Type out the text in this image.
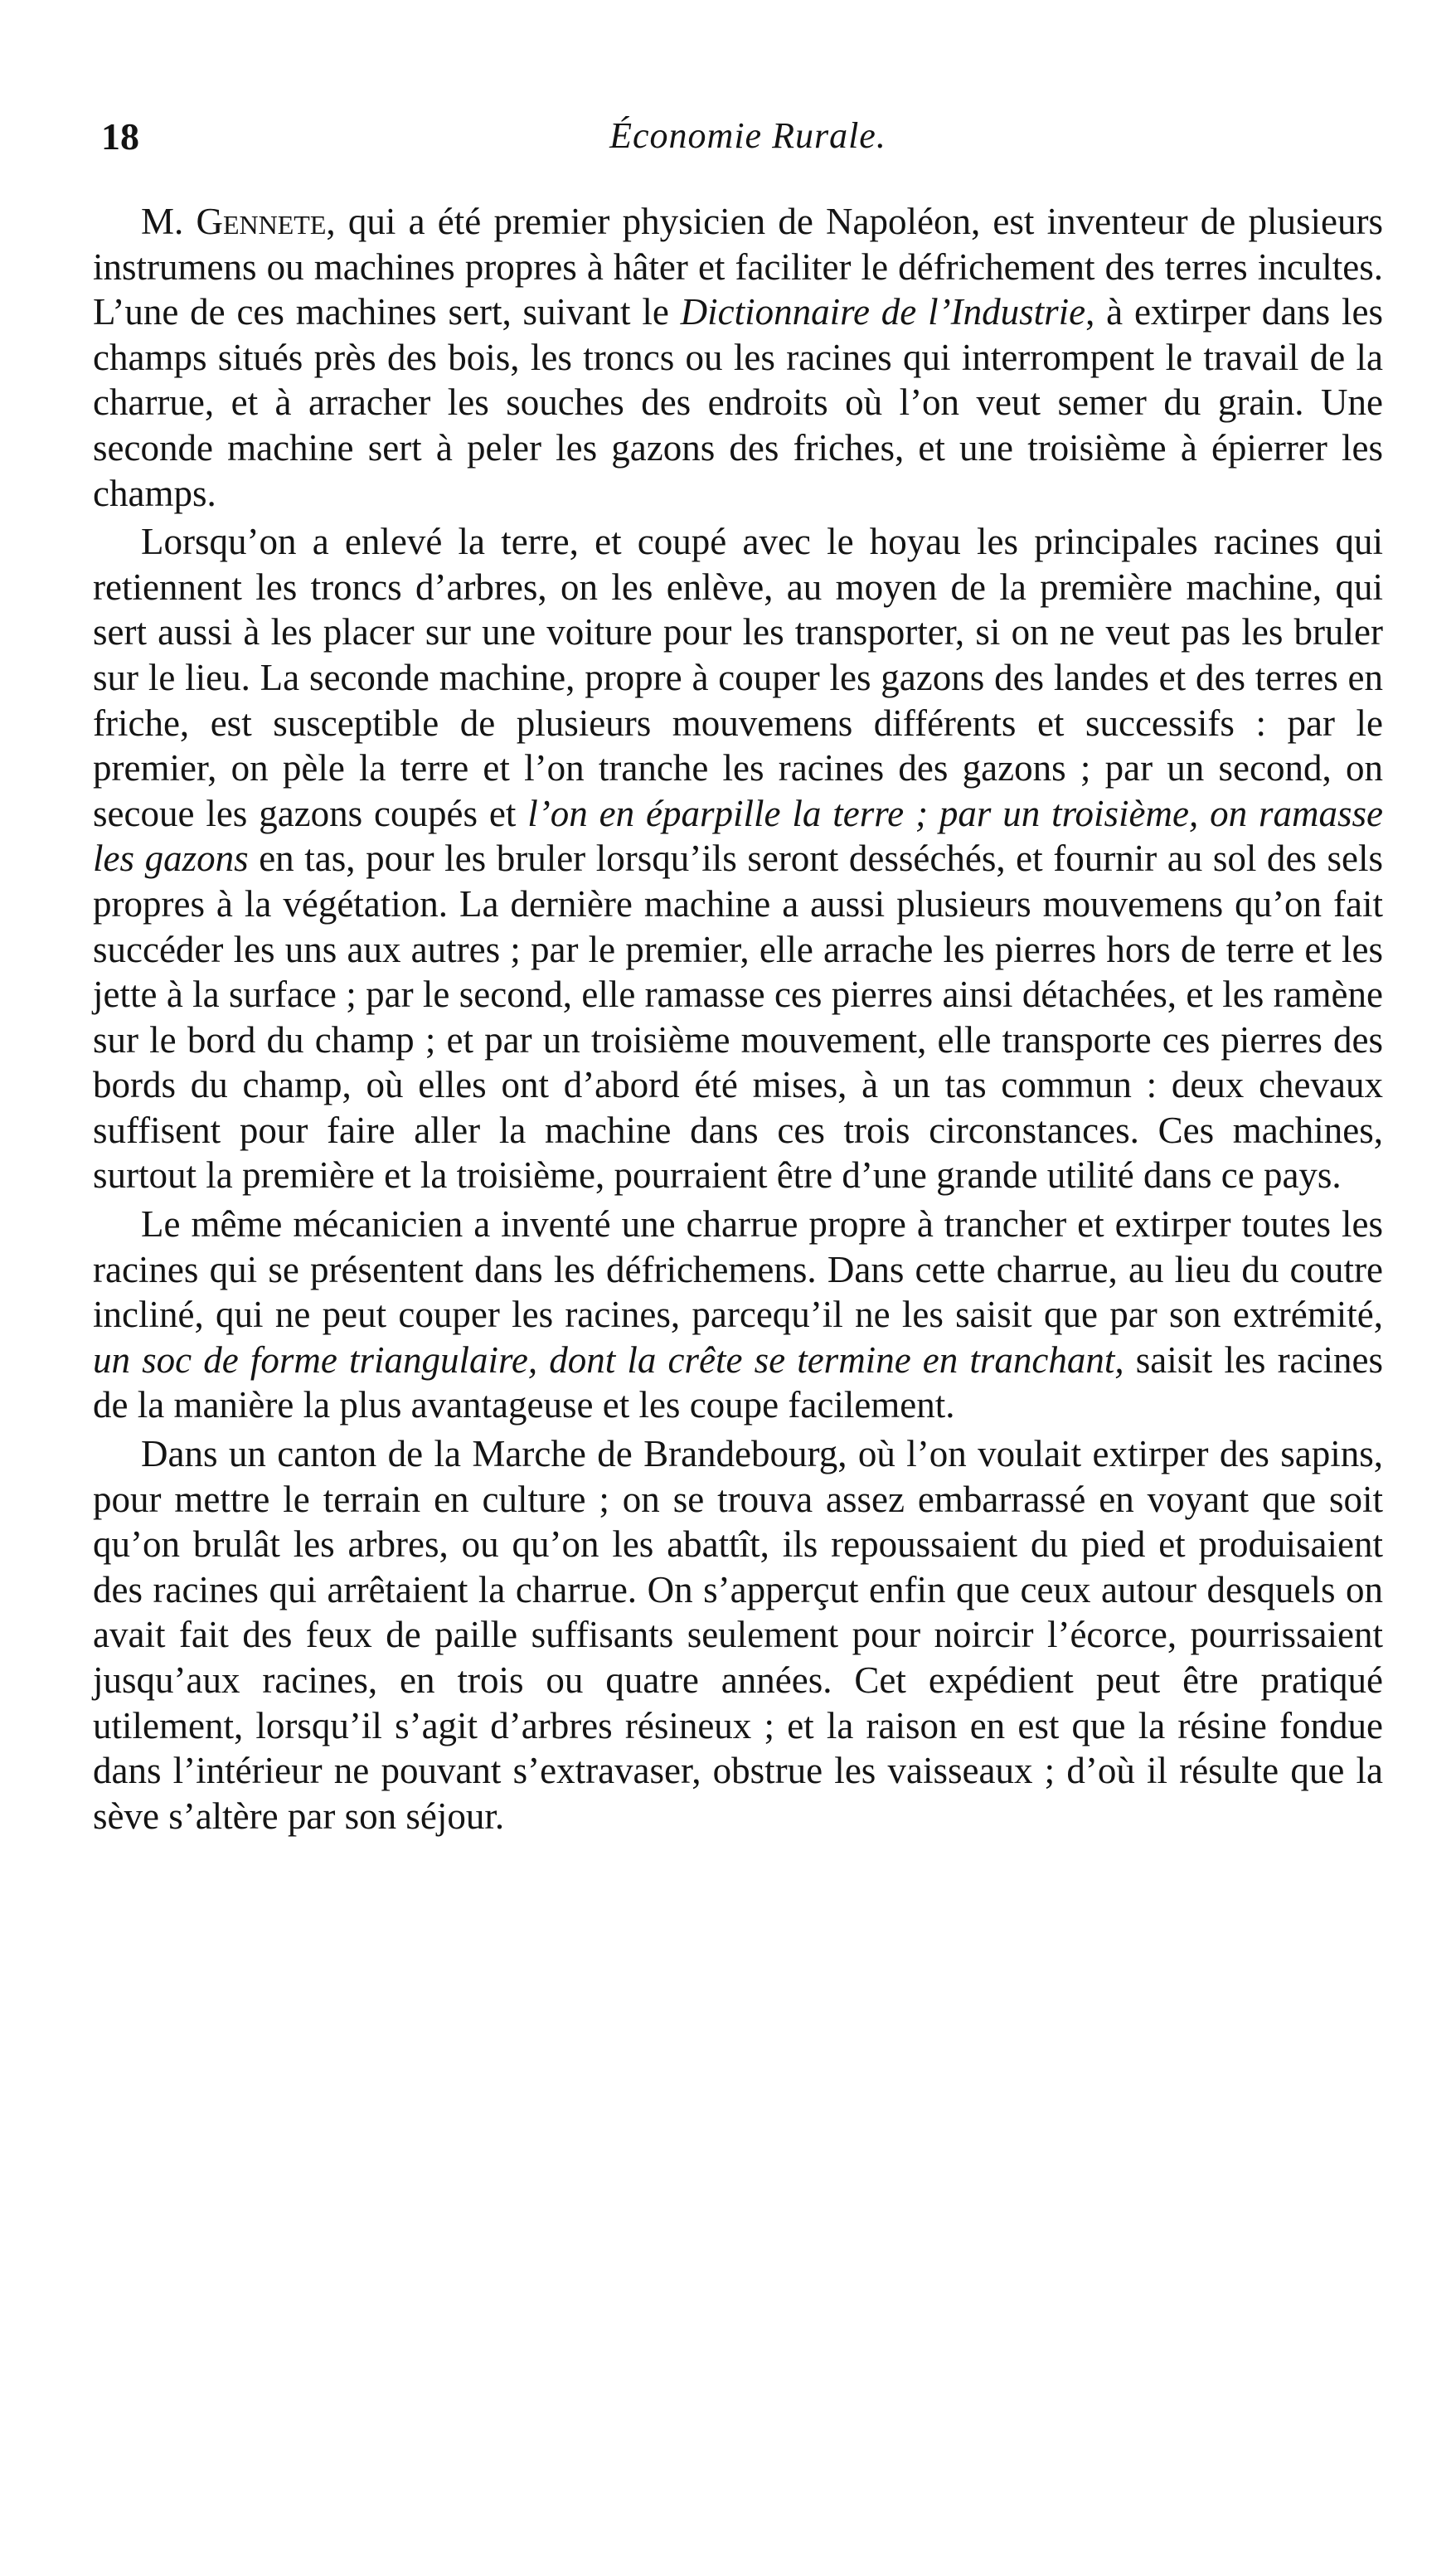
18	Économie Rurale.

M. Gennete, qui a été premier physicien de Napoléon, est inventeur de plusieurs instrumens ou machines propres à hâter et faciliter le défrichement des terres incultes. L’une de ces machines sert, suivant le Dictionnaire de l’Industrie, à extirper dans les champs situés près des bois, les troncs ou les racines qui interrompent le travail de la charrue, et à arracher les souches des endroits où l’on veut semer du grain. Une seconde machine sert à peler les gazons des friches, et une troisième à épierrer les champs.

Lorsqu’on a enlevé la terre, et coupé avec le hoyau les principales racines qui retiennent les troncs d’arbres, on les enlève, au moyen de la première machine, qui sert aussi à les placer sur une voiture pour les transporter, si on ne veut pas les bruler sur le lieu. La seconde machine, propre à couper les gazons des landes et des terres en friche, est susceptible de plusieurs mouvemens différents et successifs : par le premier, on pèle la terre et l’on tranche les racines des gazons ; par un second, on secoue les gazons coupés et l’on en éparpille la terre ; par un troisième, on ramasse les gazons en tas, pour les bruler lorsqu’ils seront desséchés, et fournir au sol des sels propres à la végétation. La dernière machine a aussi plusieurs mouvemens qu’on fait succéder les uns aux autres ; par le premier, elle arrache les pierres hors de terre et les jette à la surface ; par le second, elle ramasse ces pierres ainsi détachées, et les ramène sur le bord du champ ; et par un troisième mouvement, elle transporte ces pierres des bords du champ, où elles ont d’abord été mises, à un tas commun : deux chevaux suffisent pour faire aller la machine dans ces trois circonstances. Ces machines, surtout la première et la troisième, pourraient être d’une grande utilité dans ce pays.

Le même mécanicien a inventé une charrue propre à trancher et extirper toutes les racines qui se présentent dans les défrichemens. Dans cette charrue, au lieu du coutre incliné, qui ne peut couper les racines, parcequ’il ne les saisit que par son extrémité, un soc de forme triangulaire, dont la crête se termine en tranchant, saisit les racines de la manière la plus avantageuse et les coupe facilement.

Dans un canton de la Marche de Brandebourg, où l’on voulait extirper des sapins, pour mettre le terrain en culture ; on se trouva assez embarrassé en voyant que soit qu’on brulât les arbres, ou qu’on les abattît, ils repoussaient du pied et produisaient des racines qui arrêtaient la charrue. On s’apperçut enfin que ceux autour desquels on avait fait des feux de paille suffisants seulement pour noircir l’écorce, pourrissaient jusqu’aux racines, en trois ou quatre années. Cet expédient peut être pratiqué utilement, lorsqu’il s’agit d’arbres résineux ; et la raison en est que la résine fondue dans l’intérieur ne pouvant s’extravaser, obstrue les vaisseaux ; d’où il résulte que la sève s’altère par son séjour.
